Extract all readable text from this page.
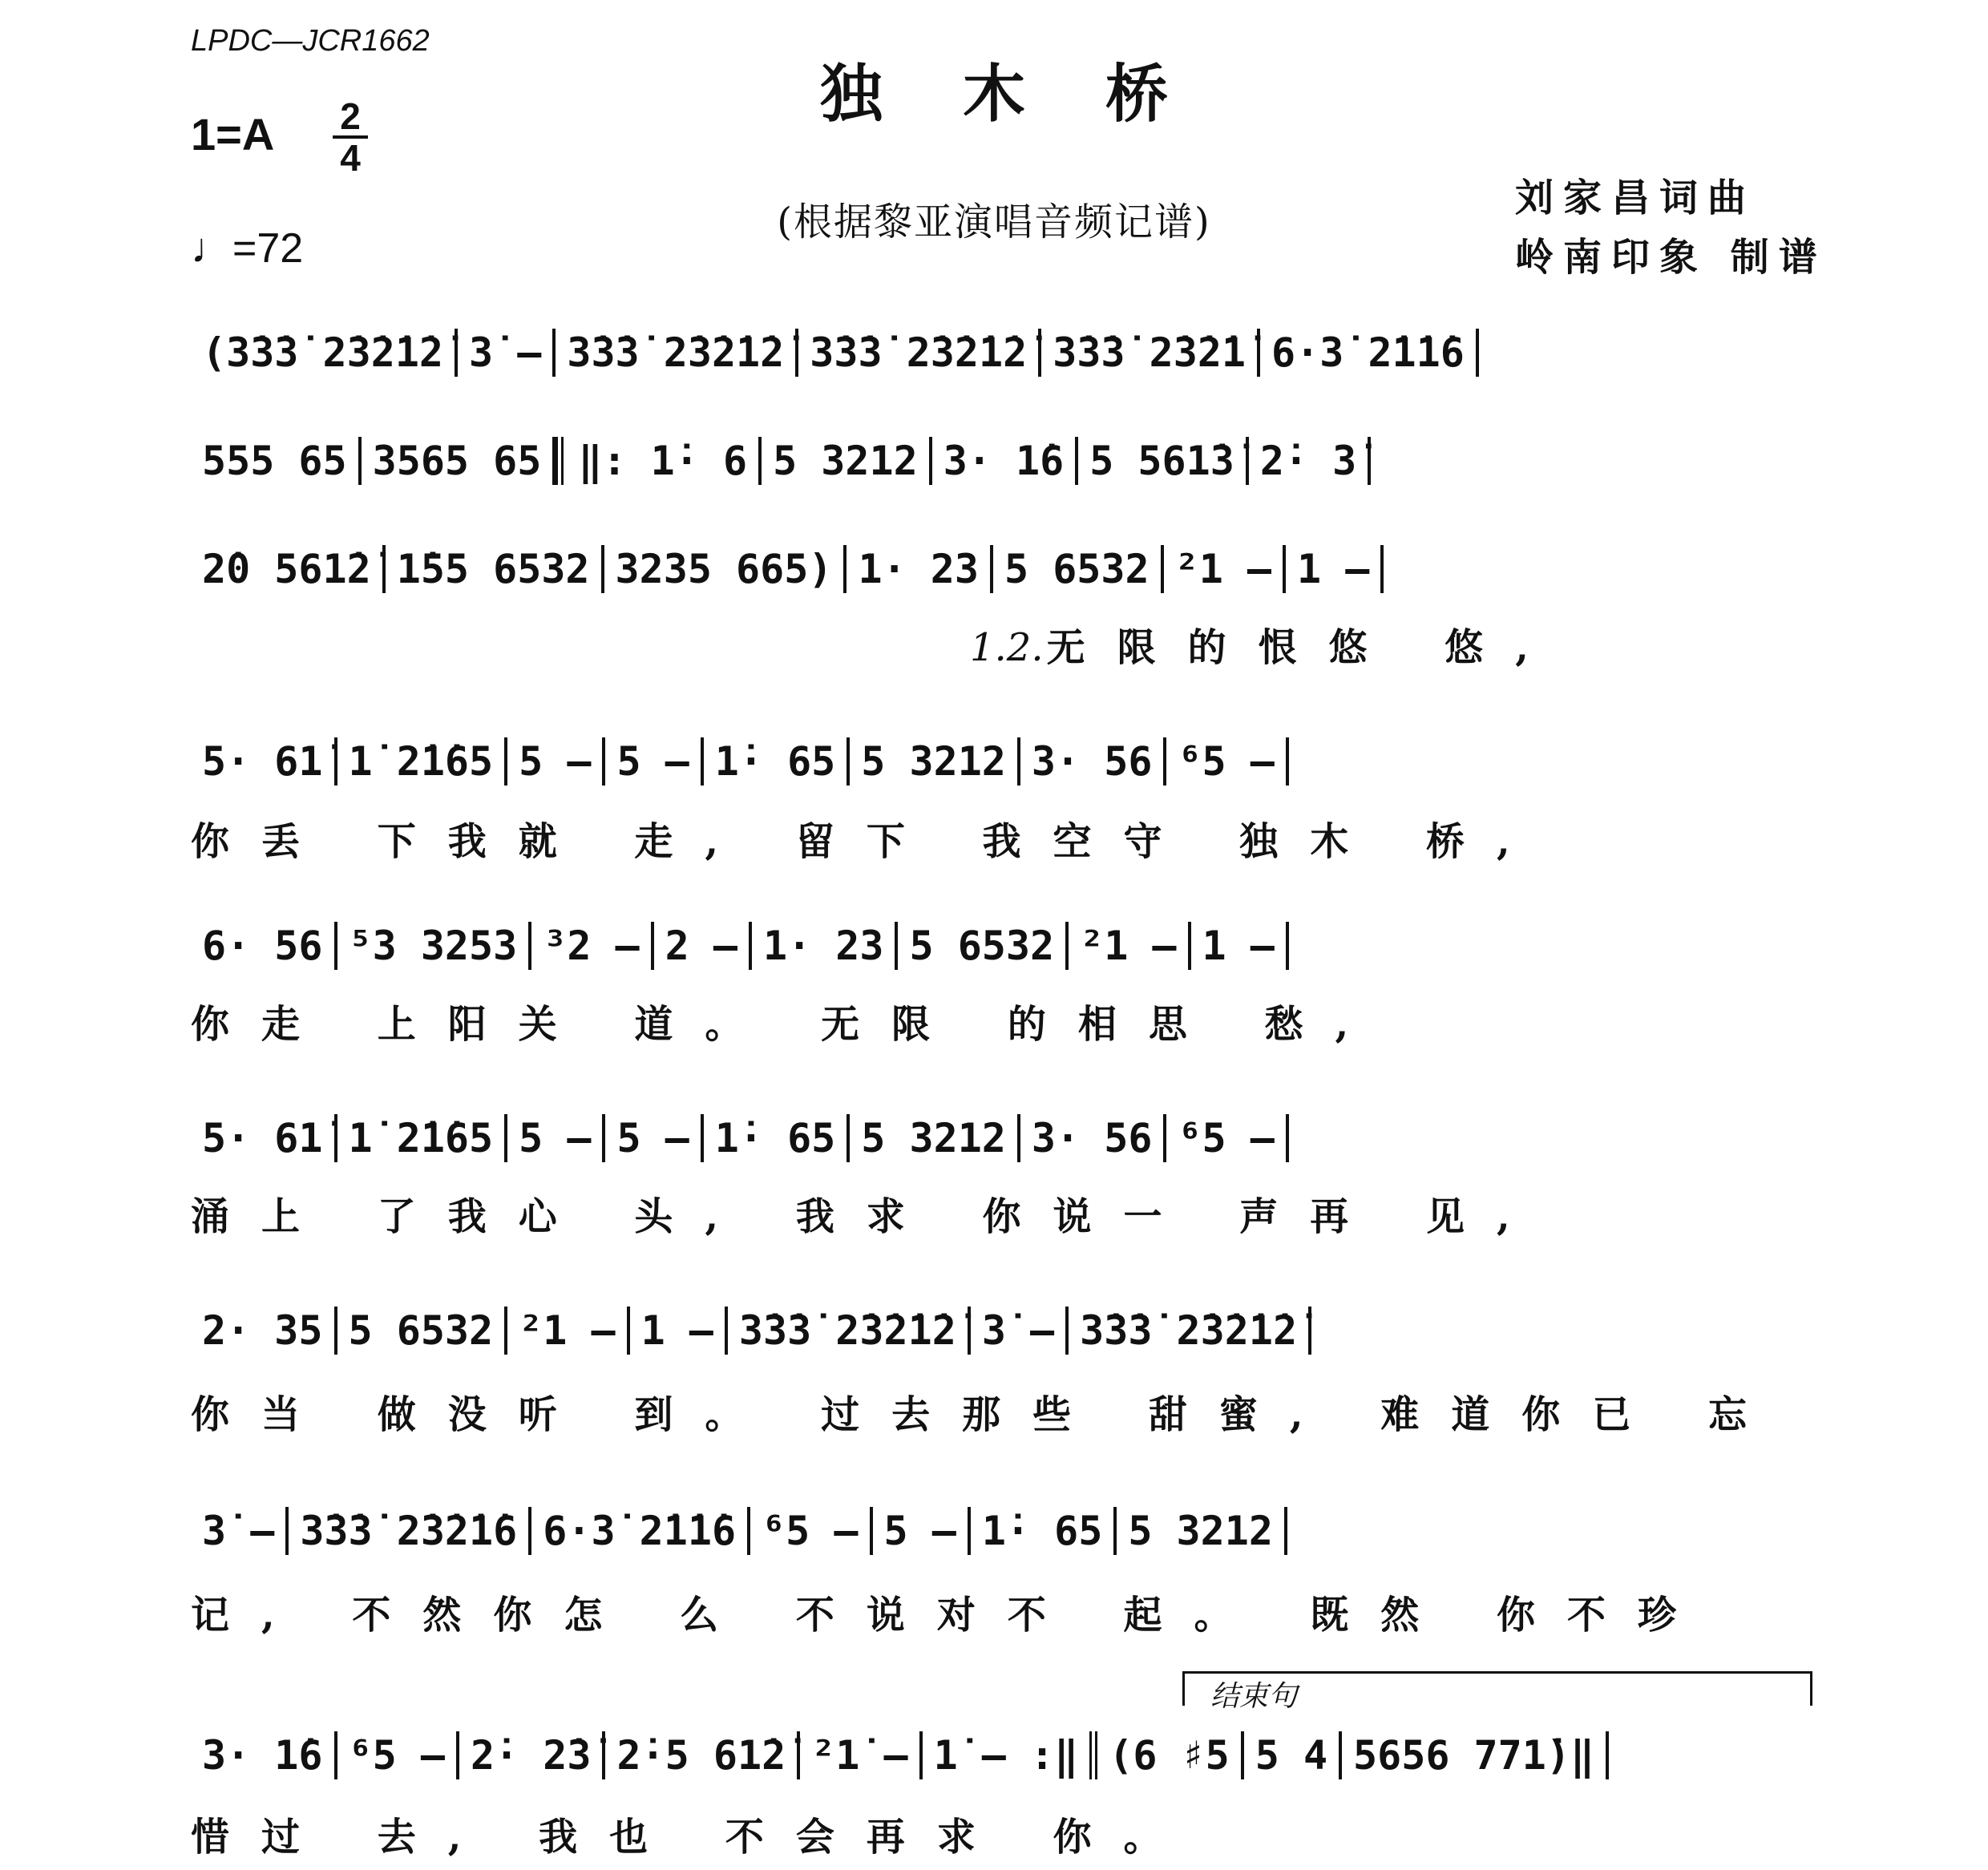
LPDC—JCR1662
独木桥
1=A 2
4
♩=72
(根据黎亚演唱音频记谱)
刘家昌词曲
岭南印象 制谱
(3̇3̇3̇ 2̇3̇2̇1̇2̇ 3̇ – 3̇3̇3̇ 2̇3̇2̇1̇2̇ 3̇3̇3̇ 2̇3̇2̇1̇2̇ 3̇3̇3̇ 2̇3̇2̇1̇ 6·3̇ 2̇1̇1̇6
555 65 3565 65 ‖: 1̇· 6 5 3212 3· 1̇6 5 561̇3̇ 2̇· 3̇
2̇0 561̇2̇ 1̇55 6532 3235 665) 1· 23 5 6532 ²1 – 1 –
1.2.无限的恨悠 悠,
5· 61̇ 1̇ 2̇1̇65 5 – 5 – 1̇· 65 5 3212 3· 56 ⁶5 –
你丢 下我就 走, 留下 我空守 独木 桥,
6· 56 ⁵3 3253 ³2 – 2 – 1· 23 5 6532 ²1 – 1 –
你走 上阳关 道。 无限 的相思 愁,
5· 61̇ 1̇ 2̇1̇65 5 – 5 – 1̇· 65 5 3212 3· 56 ⁶5 –
涌上 了我心 头, 我求 你说一 声再 见,
2· 35 5 6532 ²1 – 1 – 3̇3̇3̇ 2̇3̇2̇1̇2̇ 3̇ – 3̇3̇3̇ 2̇3̇2̇1̇2̇
你当 做没听 到。 过去那些 甜蜜, 难道你已 忘
3̇ – 3̇3̇3̇ 2̇3̇2̇1̇6 6·3̇ 2̇1̇1̇6 ⁶5 – 5 – 1̇· 65 5 3212
记, 不然你怎 么 不说对不 起。 既然 你不珍
结束句
3· 1̇6 ⁶5 – 2̇· 2̇3̇ 2̇·5 61̇2̇ ²1̇ – 1̇ – :‖ (6 ♯5 5 4 5656 771̇)‖
惜过 去, 我也 不会再求 你。
